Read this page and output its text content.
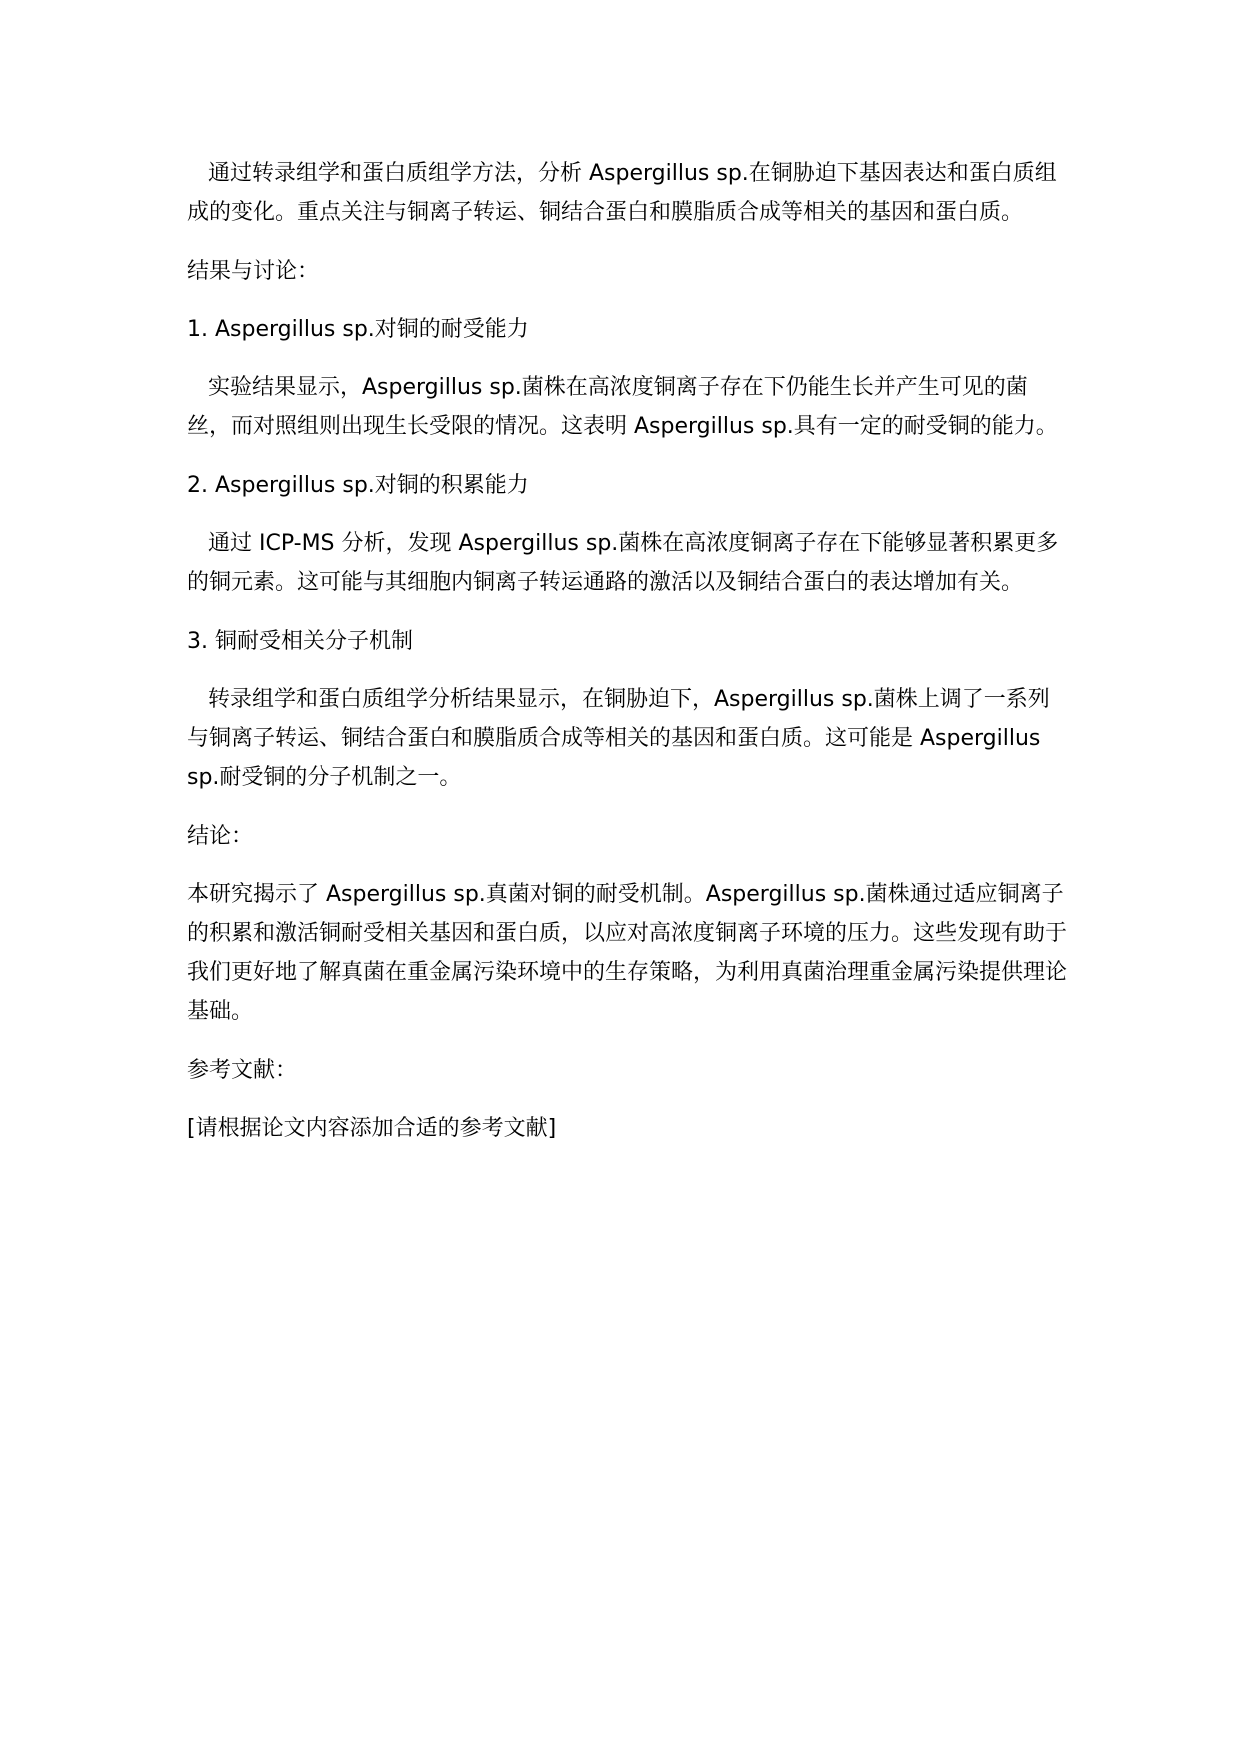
通过转录组学和蛋白质组学方法，分析 Aspergillus sp.在铜胁迫下基因表达和蛋白质组成的变化。重点关注与铜离子转运、铜结合蛋白和膜脂质合成等相关的基因和蛋白质。

结果与讨论：

1. Aspergillus sp.对铜的耐受能力

实验结果显示，Aspergillus sp.菌株在高浓度铜离子存在下仍能生长并产生可见的菌丝，而对照组则出现生长受限的情况。这表明 Aspergillus sp.具有一定的耐受铜的能力。

2. Aspergillus sp.对铜的积累能力

通过 ICP-MS 分析，发现 Aspergillus sp.菌株在高浓度铜离子存在下能够显著积累更多的铜元素。这可能与其细胞内铜离子转运通路的激活以及铜结合蛋白的表达增加有关。

3. 铜耐受相关分子机制

转录组学和蛋白质组学分析结果显示，在铜胁迫下，Aspergillus sp.菌株上调了一系列与铜离子转运、铜结合蛋白和膜脂质合成等相关的基因和蛋白质。这可能是 Aspergillus sp.耐受铜的分子机制之一。

结论：

本研究揭示了 Aspergillus sp.真菌对铜的耐受机制。Aspergillus sp.菌株通过适应铜离子的积累和激活铜耐受相关基因和蛋白质，以应对高浓度铜离子环境的压力。这些发现有助于我们更好地了解真菌在重金属污染环境中的生存策略，为利用真菌治理重金属污染提供理论基础。

参考文献：

[请根据论文内容添加合适的参考文献]
